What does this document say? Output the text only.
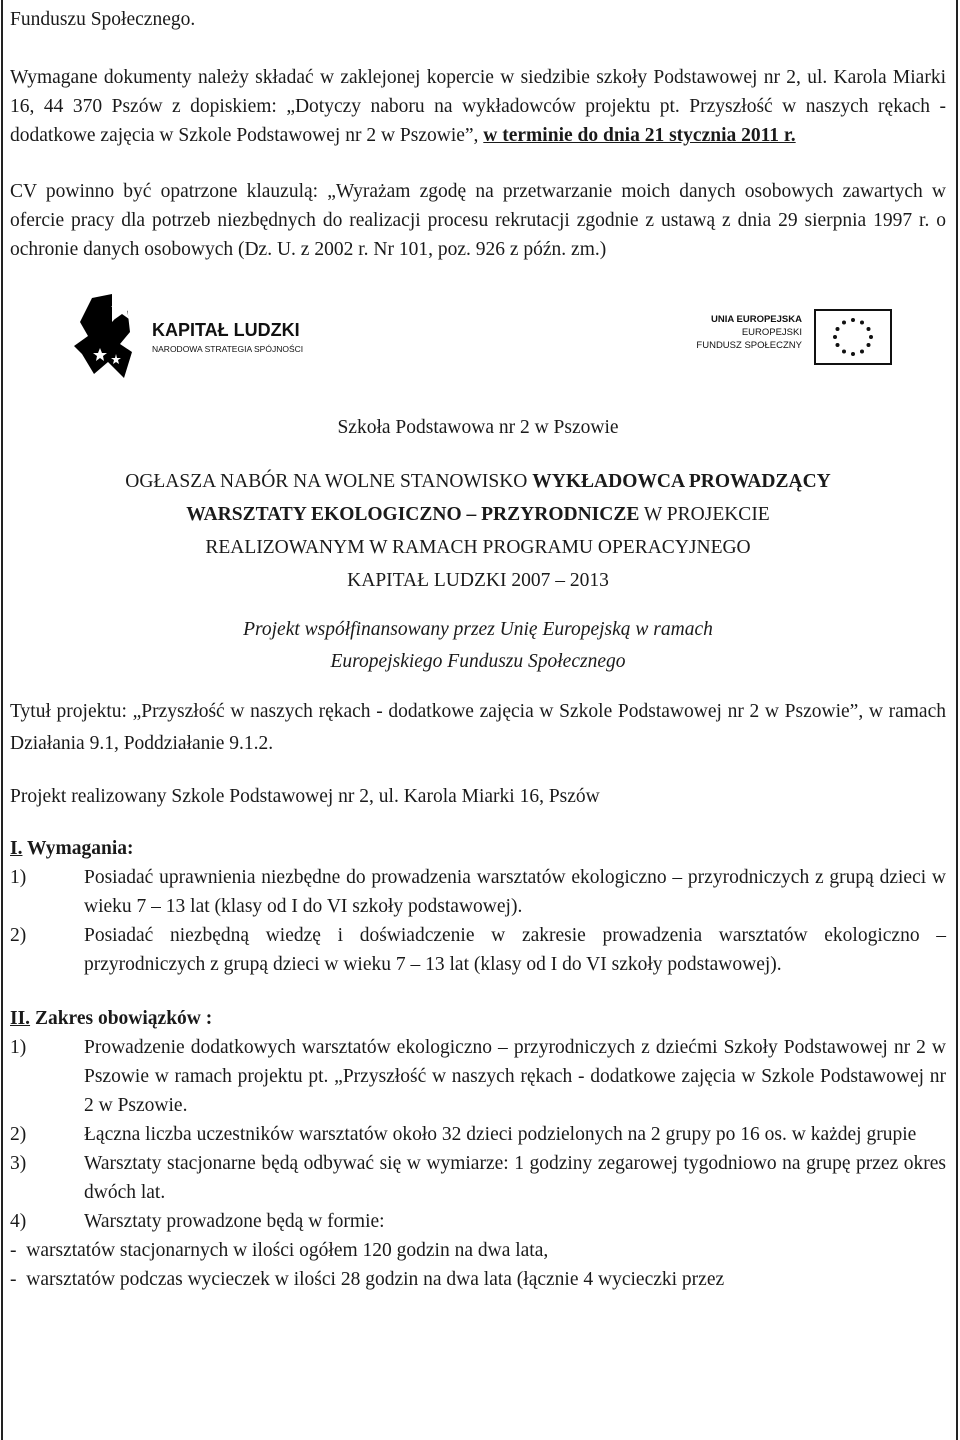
Funduszu Społecznego.

Wymagane dokumenty należy składać w zaklejonej kopercie w siedzibie szkoły Podstawowej nr 2, ul. Karola Miarki 16, 44 370 Pszów z dopiskiem: „Dotyczy naboru na wykładowców projektu pt. Przyszłość w naszych rękach - dodatkowe zajęcia w Szkole Podstawowej nr 2 w Pszowie”, w terminie do dnia 21 stycznia 2011 r.

CV powinno być opatrzone klauzulą: „Wyrażam zgodę na przetwarzanie moich danych osobowych zawartych w ofercie pracy dla potrzeb niezbędnych do realizacji procesu rekrutacji zgodnie z ustawą z dnia 29 sierpnia 1997 r. o ochronie danych osobowych (Dz. U. z 2002 r. Nr 101, poz. 926 z późn. zm.)

KAPITAŁ LUDZKI
NARODOWA STRATEGIA SPÓJNOŚCI
UNIA EUROPEJSKA
EUROPEJSKI
FUNDUSZ SPOŁECZNY

Szkoła Podstawowa nr 2 w Pszowie

OGŁASZA NABÓR NA WOLNE STANOWISKO WYKŁADOWCA PROWADZĄCY
WARSZTATY EKOLOGICZNO – PRZYRODNICZE W PROJEKCIE
REALIZOWANYM W RAMACH PROGRAMU OPERACYJNEGO
KAPITAŁ LUDZKI 2007 – 2013
Projekt współfinansowany przez Unię Europejską w ramach
Europejskiego Funduszu Społecznego

Tytuł projektu: „Przyszłość w naszych rękach - dodatkowe zajęcia w Szkole Podstawowej nr 2 w Pszowie”, w ramach Działania 9.1, Poddziałanie 9.1.2.

Projekt realizowany Szkole Podstawowej nr 2, ul. Karola Miarki 16, Pszów

I. Wymagania:

1)	Posiadać uprawnienia niezbędne do prowadzenia warsztatów ekologiczno – przyrodniczych z grupą dzieci w wieku 7 – 13 lat (klasy od I do VI szkoły podstawowej).
2)	Posiadać niezbędną wiedzę i doświadczenie w zakresie prowadzenia warsztatów ekologiczno – przyrodniczych z grupą dzieci w wieku 7 – 13 lat (klasy od I do VI szkoły podstawowej).

II. Zakres obowiązków :

1)	Prowadzenie dodatkowych warsztatów ekologiczno – przyrodniczych z dziećmi Szkoły Podstawowej nr 2 w Pszowie w ramach projektu pt. „Przyszłość w naszych rękach - dodatkowe zajęcia w Szkole Podstawowej nr 2 w Pszowie.
2)	Łączna liczba uczestników warsztatów około 32 dzieci podzielonych na 2 grupy po 16 os. w każdej grupie
3)	Warsztaty stacjonarne będą odbywać się w wymiarze: 1 godziny zegarowej tygodniowo na grupę przez okres dwóch lat.
4)	Warsztaty prowadzone będą w formie:

-  warsztatów stacjonarnych w ilości ogółem 120 godzin na dwa lata,

-  warsztatów podczas wycieczek w ilości 28 godzin na dwa lata (łącznie 4 wycieczki przez
